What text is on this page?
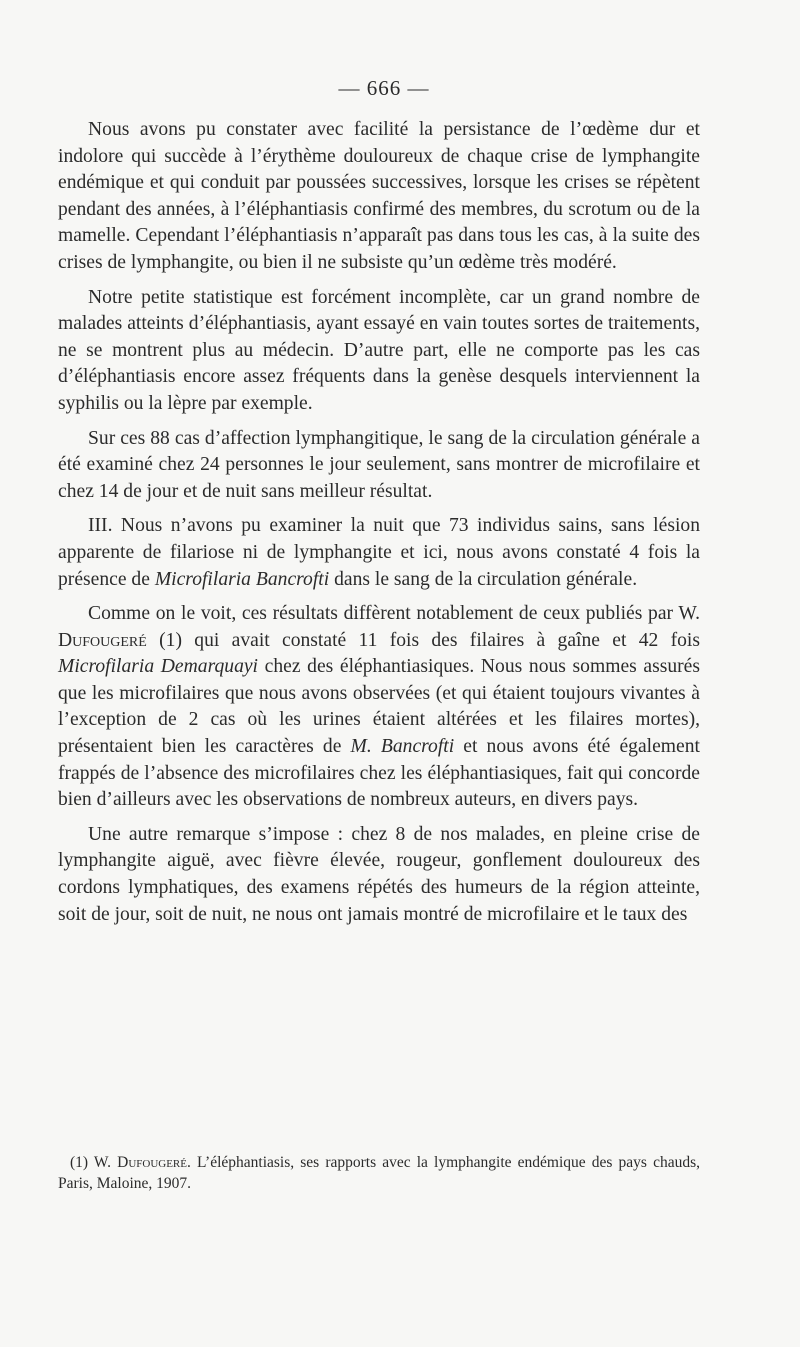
— 666 —

Nous avons pu constater avec facilité la persistance de l’œdème dur et indolore qui succède à l’érythème douloureux de chaque crise de lymphangite endémique et qui conduit par poussées successives, lorsque les crises se répètent pendant des années, à l’éléphantiasis confirmé des membres, du scrotum ou de la mamelle. Cependant l’éléphantiasis n’apparaît pas dans tous les cas, à la suite des crises de lymphangite, ou bien il ne subsiste qu’un œdème très modéré.

Notre petite statistique est forcément incomplète, car un grand nombre de malades atteints d’éléphantiasis, ayant essayé en vain toutes sortes de traitements, ne se montrent plus au médecin. D’autre part, elle ne comporte pas les cas d’éléphantiasis encore assez fréquents dans la genèse desquels interviennent la syphilis ou la lèpre par exemple.

Sur ces 88 cas d’affection lymphangitique, le sang de la circulation générale a été examiné chez 24 personnes le jour seulement, sans montrer de microfilaire et chez 14 de jour et de nuit sans meilleur résultat.

III. Nous n’avons pu examiner la nuit que 73 individus sains, sans lésion apparente de filariose ni de lymphangite et ici, nous avons constaté 4 fois la présence de Microfilaria Bancrofti dans le sang de la circulation générale.

Comme on le voit, ces résultats diffèrent notablement de ceux publiés par W. Dufougeré (1) qui avait constaté 11 fois des filaires à gaîne et 42 fois Microfilaria Demarquayi chez des éléphantiasiques. Nous nous sommes assurés que les microfilaires que nous avons observées (et qui étaient toujours vivantes à l’exception de 2 cas où les urines étaient altérées et les filaires mortes), présentaient bien les caractères de M. Bancrofti et nous avons été également frappés de l’absence des microfilaires chez les éléphantiasiques, fait qui concorde bien d’ailleurs avec les observations de nombreux auteurs, en divers pays.

Une autre remarque s’impose : chez 8 de nos malades, en pleine crise de lymphangite aiguë, avec fièvre élevée, rougeur, gonflement douloureux des cordons lymphatiques, des examens répétés des humeurs de la région atteinte, soit de jour, soit de nuit, ne nous ont jamais montré de microfilaire et le taux des

(1) W. Dufougeré. L’éléphantiasis, ses rapports avec la lymphangite endémique des pays chauds, Paris, Maloine, 1907.
